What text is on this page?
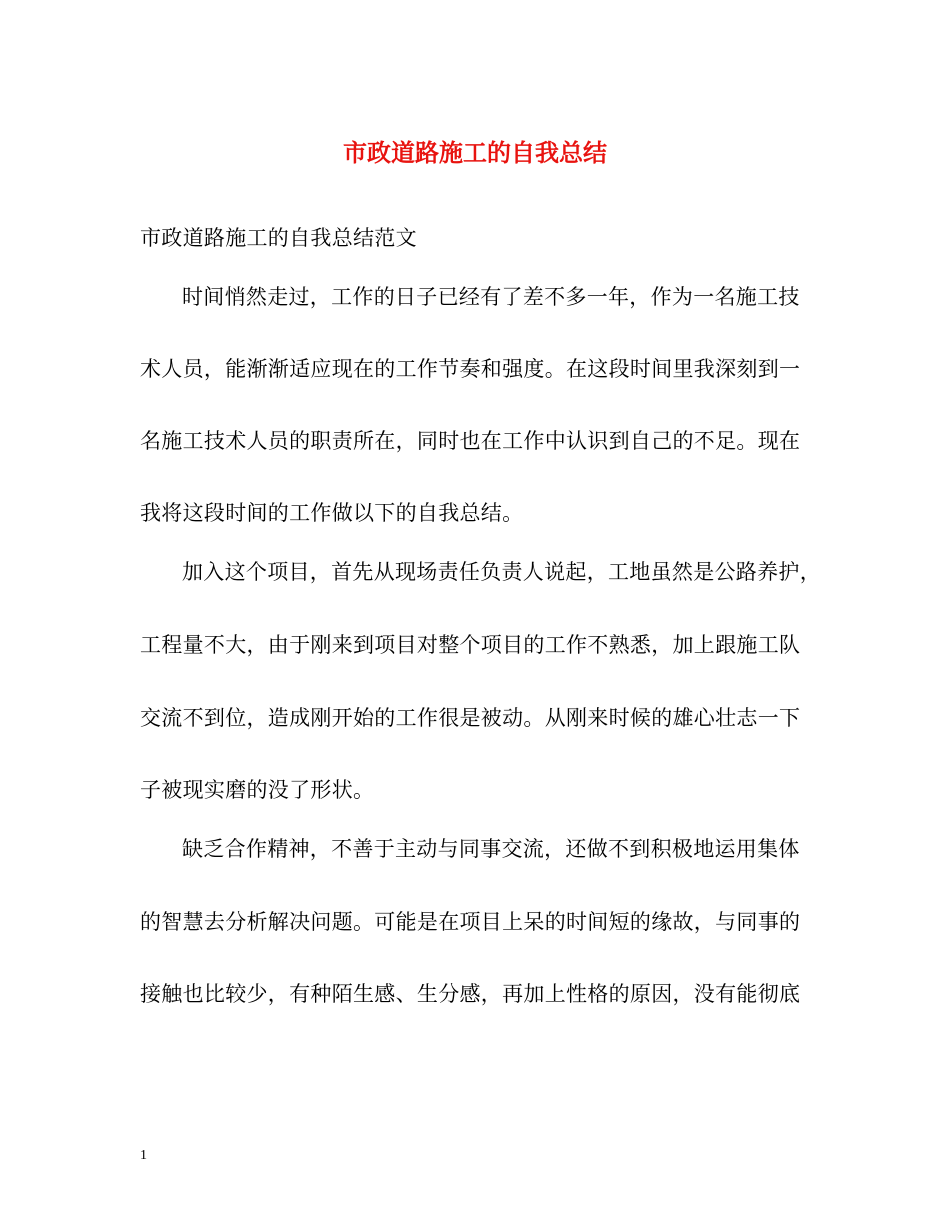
市政道路施工的自我总结
市政道路施工的自我总结范文
时间悄然走过，工作的日子已经有了差不多一年，作为一名施工技
术人员，能渐渐适应现在的工作节奏和强度。在这段时间里我深刻到一
名施工技术人员的职责所在，同时也在工作中认识到自己的不足。现在
我将这段时间的工作做以下的自我总结。
加入这个项目，首先从现场责任负责人说起，工地虽然是公路养护，
工程量不大，由于刚来到项目对整个项目的工作不熟悉，加上跟施工队
交流不到位，造成刚开始的工作很是被动。从刚来时候的雄心壮志一下
子被现实磨的没了形状。
缺乏合作精神，不善于主动与同事交流，还做不到积极地运用集体
的智慧去分析解决问题。可能是在项目上呆的时间短的缘故，与同事的
接触也比较少，有种陌生感、生分感，再加上性格的原因，没有能彻底
1
